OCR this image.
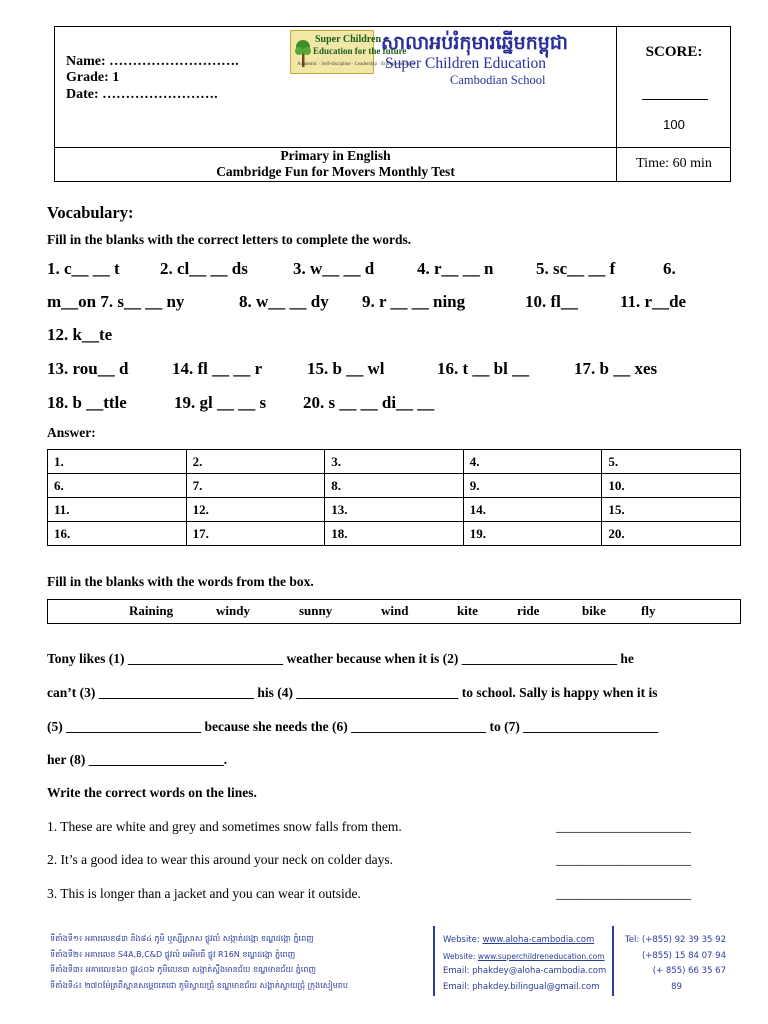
Name: ……………………….
Grade: 1
Date: …………………….
Super Children
Education for the future
Academic · Self-discipline · Leadership · Entrepreneurship
សាលាអប់រំកុមារឆ្នើមកម្ពុជា
Super Children Education
Cambodian School
SCORE:
100
Primary in English
Cambridge Fun for Movers Monthly Test
Time: 60 min
Vocabulary:
Fill in the blanks with the correct letters to complete the words.
1. c__ __ t 2. cl__ __ ds	3. w__ __ d	4. r__ __ n	5. sc__ __ f	6.
m__on 7. s__ __ ny	8. w__ __ dy 9. r __ __ ning	10. fl__ 11. r__de
12. k__te
13. rou__ d	14. fl __ __ r	15. b __ wl	16. t __ bl __	17. b __ xes
18. b __ttle	19. gl __ __ s 20. s __ __ di__ __
Answer:
1.	2.	3.	4.	5.
6.	7.	8.	9.	10.
11.	12.	13.	14.	15.
16.	17.	18.	19.	20.
Fill in the blanks with the words from the box.
Raining	windy	sunny	wind	kite	ride	bike	fly
Tony likes (1) _______________________ weather because when it is (2) _______________________ he
can’t (3) _______________________ his (4) ________________________ to school. Sally is happy when it is
(5) ____________________ because she needs the (6) ____________________ to (7) ____________________
her (8) ____________________.
Write the correct words on the lines.
1. These are white and grey and sometimes snow falls from them.	____________________
2. It’s a good idea to wear this around your neck on colder days.	____________________
3. This is longer than a jacket and you can wear it outside.	____________________
ទីតាំងទី១៖ អគារលេខ៨៣ និង៨៤ ភូមិ ឬស្សីស្រាស ផ្លូវលំ សង្កាត់ដង្កោ ខណ្ឌដង្កោ ភ្នំពេញ
ទីតាំងទី២៖ អគារលេខ S4A,B,C&D ផ្លូវលំ អេអិមធី ផ្លូវ R16N ខណ្ឌដង្កោ ភ្នំពេញ
ទីតាំងទី៣៖ អគារលេខ៦០ ផ្លូវ៤០៦ ភូមិលេខ៣ សង្កាត់ស្ទឹងមានជ័យ ខណ្ឌមានជ័យ ភ្នំពេញ
ទីតាំងទី៤៖ ២៧០ម៉ែត្រពីស្ពានសម្ដេចតេជោ ភូមិស្វាយជ្រុំ ខណ្ឌមានជ័យ សង្កាត់ស្វាយជ្រុំ ក្រុងសៀមរាប
Website: www.aloha-cambodia.com
Website: www.superchildreneducation.com
Email: phakdey@aloha-cambodia.com
Email: phakdey.bilingual@gmail.com
Tel: (+855) 92 39 35 92
(+855) 15 84 07 94
(+ 855) 66 35 67
89
